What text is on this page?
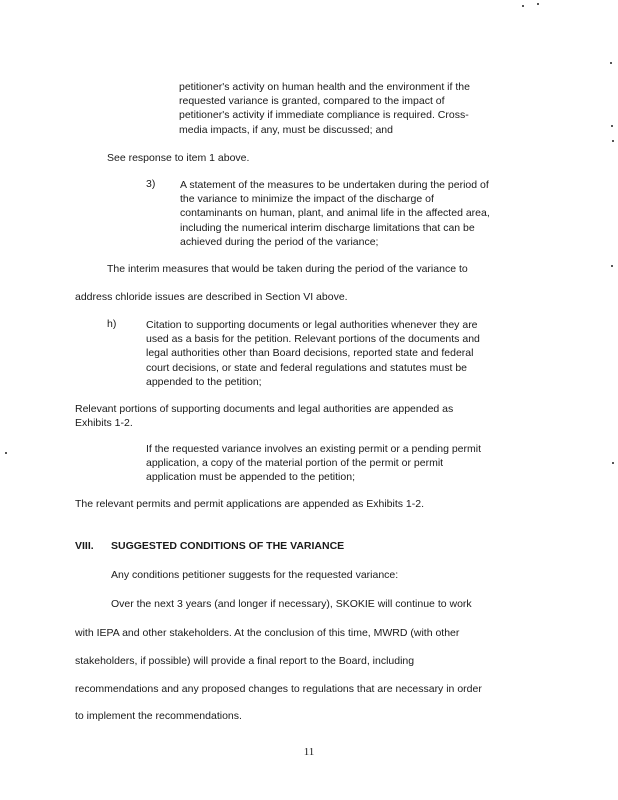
petitioner's activity on human health and the environment if the
requested variance is granted, compared to the impact of
petitioner's activity if immediate compliance is required. Cross-
media impacts, if any, must be discussed; and

See response to item 1 above.

3) A statement of the measures to be undertaken during the period of
the variance to minimize the impact of the discharge of
contaminants on human, plant, and animal life in the affected area,
including the numerical interim discharge limitations that can be
achieved during the period of the variance;

The interim measures that would be taken during the period of the variance to

address chloride issues are described in Section VI above.

h)	Citation to supporting documents or legal authorities whenever they are
used as a basis for the petition. Relevant portions of the documents and
legal authorities other than Board decisions, reported state and federal
court decisions, or state and federal regulations and statutes must be
appended to the petition;

Relevant portions of supporting documents and legal authorities are appended as
Exhibits 1-2.

If the requested variance involves an existing permit or a pending permit
application, a copy of the material portion of the permit or permit
application must be appended to the petition;

The relevant permits and permit applications are appended as Exhibits 1-2.

VIII. SUGGESTED CONDITIONS OF THE VARIANCE

Any conditions petitioner suggests for the requested variance:

Over the next 3 years (and longer if necessary), SKOKIE will continue to work

with IEPA and other stakeholders. At the conclusion of this time, MWRD (with other

stakeholders, if possible) will provide a final report to the Board, including

recommendations and any proposed changes to regulations that are necessary in order

to implement the recommendations.

11
